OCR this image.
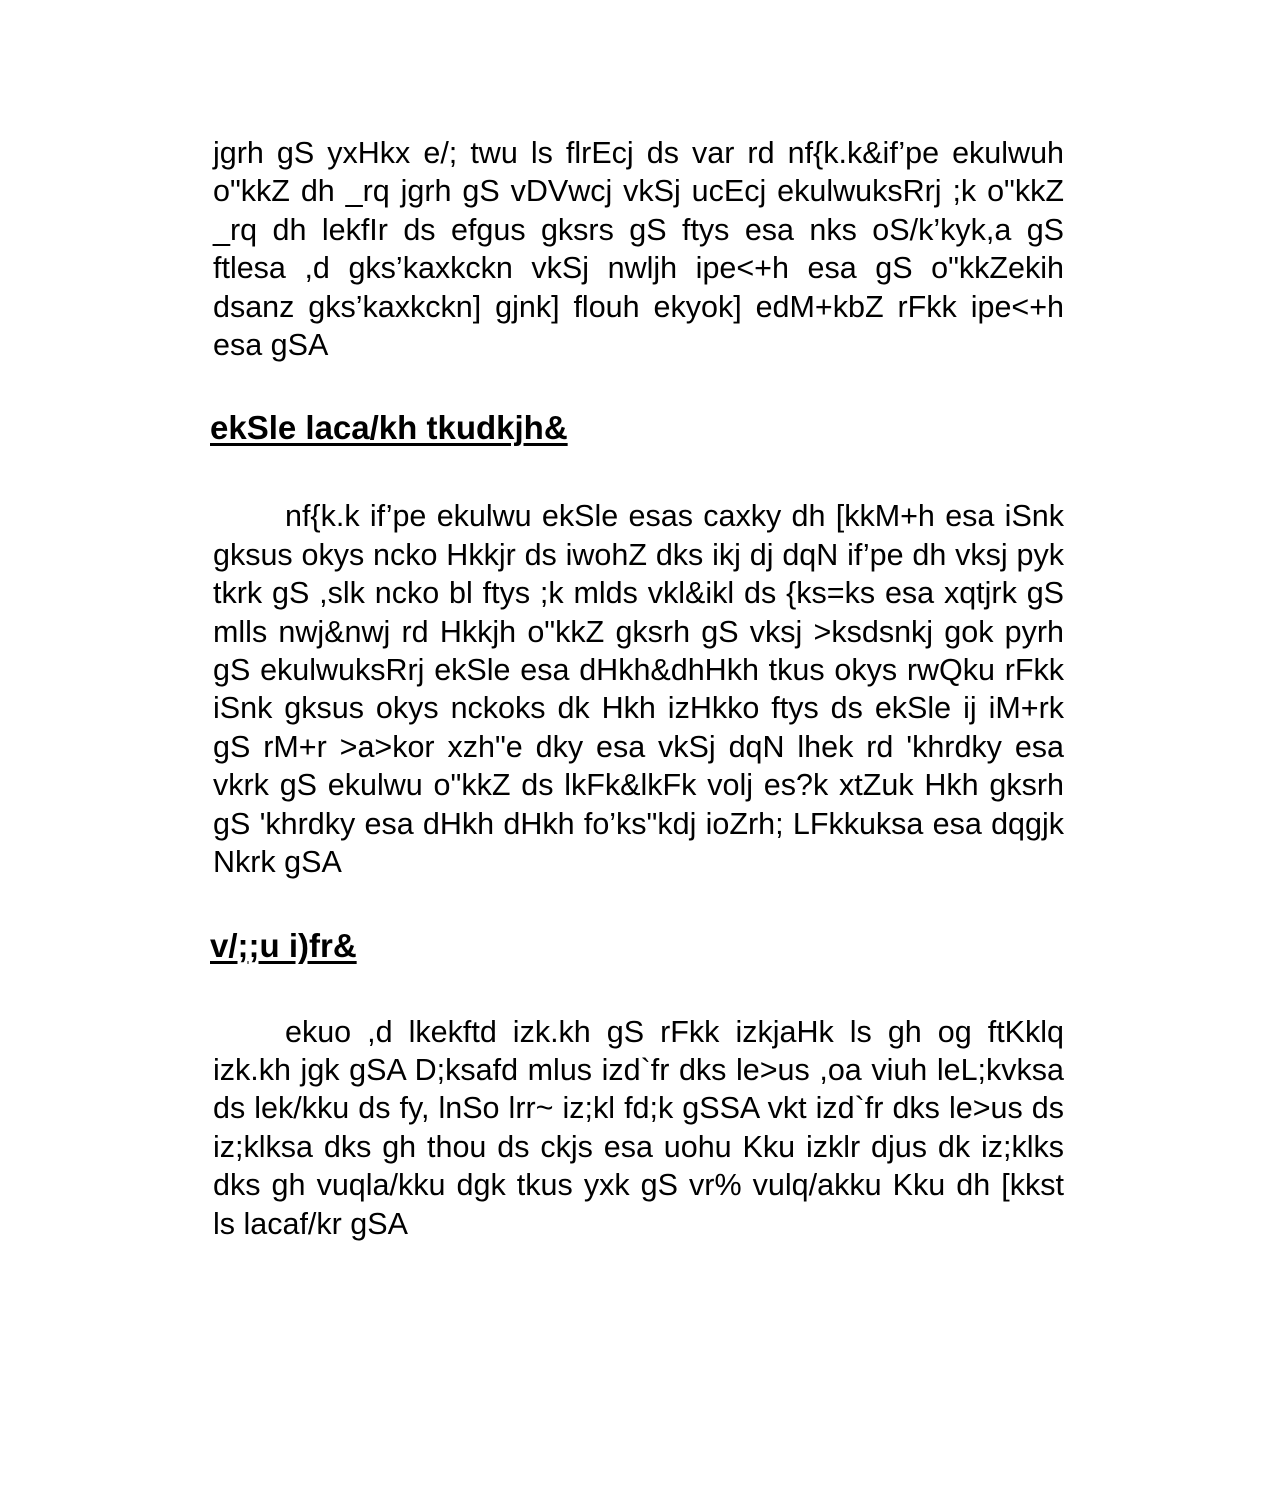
jgrh gS yxHkx e/; twu ls flrEcj ds var rd nf{k.k&if’pe ekulwuh o"kkZ dh _rq jgrh gS vDVwcj vkSj ucEcj ekulwuksRrj ;k o"kkZ _rq dh lekfIr ds efgus gksrs gS ftys esa nks oS/k’kyk,a gS ftlesa ,d gks’kaxkckn vkSj nwljh ipe<+h esa gS o"kkZekih dsanz gks’kaxkckn] gjnk] flouh ekyok] edM+kbZ rFkk ipe<+h esa gSA

ekSle laca/kh tkudkjh&

nf{k.k if’pe ekulwu ekSle esas caxky dh [kkM+h esa iSnk gksus okys ncko Hkkjr ds iwohZ dks ikj dj dqN if’pe dh vksj pyk tkrk gS ,slk ncko bl ftys ;k mlds vkl&ikl ds {ks=ks esa xqtjrk gS mlls nwj&nwj rd Hkkjh o"kkZ gksrh gS vksj >ksdsnkj gok pyrh gS ekulwuksRrj ekSle esa dHkh&dhHkh tkus okys rwQku rFkk iSnk gksus okys nckoks dk Hkh izHkko ftys ds ekSle ij iM+rk gS rM+r >a>kor xzh"e dky esa vkSj dqN lhek rd 'khrdky esa vkrk gS ekulwu o"kkZ ds lkFk&lkFk volj es?k xtZuk Hkh gksrh gS 'khrdky esa dHkh dHkh fo’ks"kdj ioZrh; LFkkuksa esa dqgjk Nkrk gSA

v/;;u i)fr&

ekuo ,d lkekftd izk.kh gS rFkk izkjaHk ls gh og ftKklq izk.kh jgk gSA D;ksafd mlus izd`fr dks le>us ,oa viuh leL;kvksa ds lek/kku ds fy, lnSo lrr~ iz;kl fd;k gSSA vkt izd`fr dks le>us ds iz;klksa dks gh thou ds ckjs esa uohu Kku izklr djus dk iz;klks dks gh vuqla/kku dgk tkus yxk gS vr% vulq/akku Kku dh [kkst ls lacaf/kr gSA
